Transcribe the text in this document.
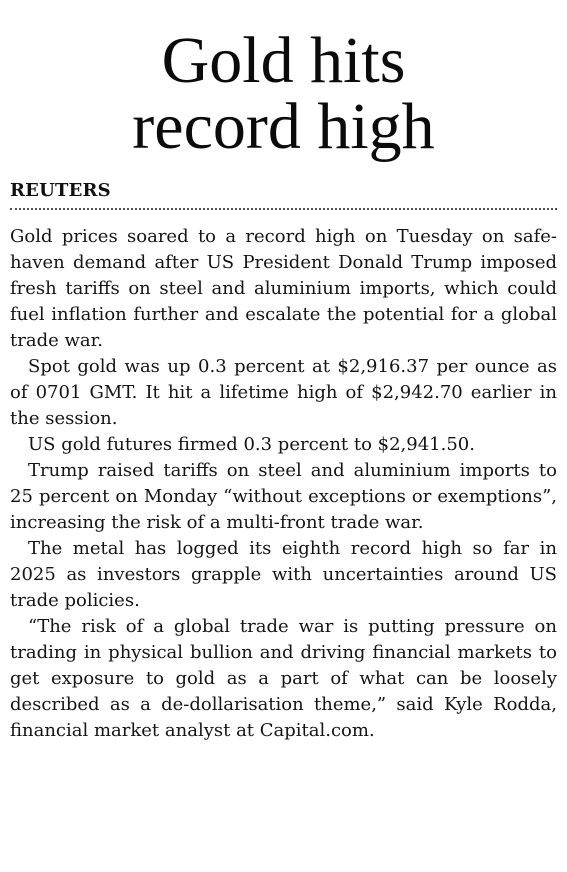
Gold hits
record high
REUTERS

Gold prices soared to a record high on Tuesday on safe-haven demand after US President Donald Trump imposed fresh tariffs on steel and aluminium imports, which could fuel inflation further and escalate the potential for a global trade war.

Spot gold was up 0.3 percent at $2,916.37 per ounce as of 0701 GMT. It hit a lifetime high of $2,942.70 earlier in the session.

US gold futures firmed 0.3 percent to $2,941.50.

Trump raised tariffs on steel and aluminium imports to 25 percent on Monday “without exceptions or exemptions”, increasing the risk of a multi-front trade war.

The metal has logged its eighth record high so far in 2025 as investors grapple with uncertainties around US trade policies.

“The risk of a global trade war is putting pressure on trading in physical bullion and driving financial markets to get exposure to gold as a part of what can be loosely described as a de-dollarisation theme,” said Kyle Rodda, financial market analyst at Capital.com.
